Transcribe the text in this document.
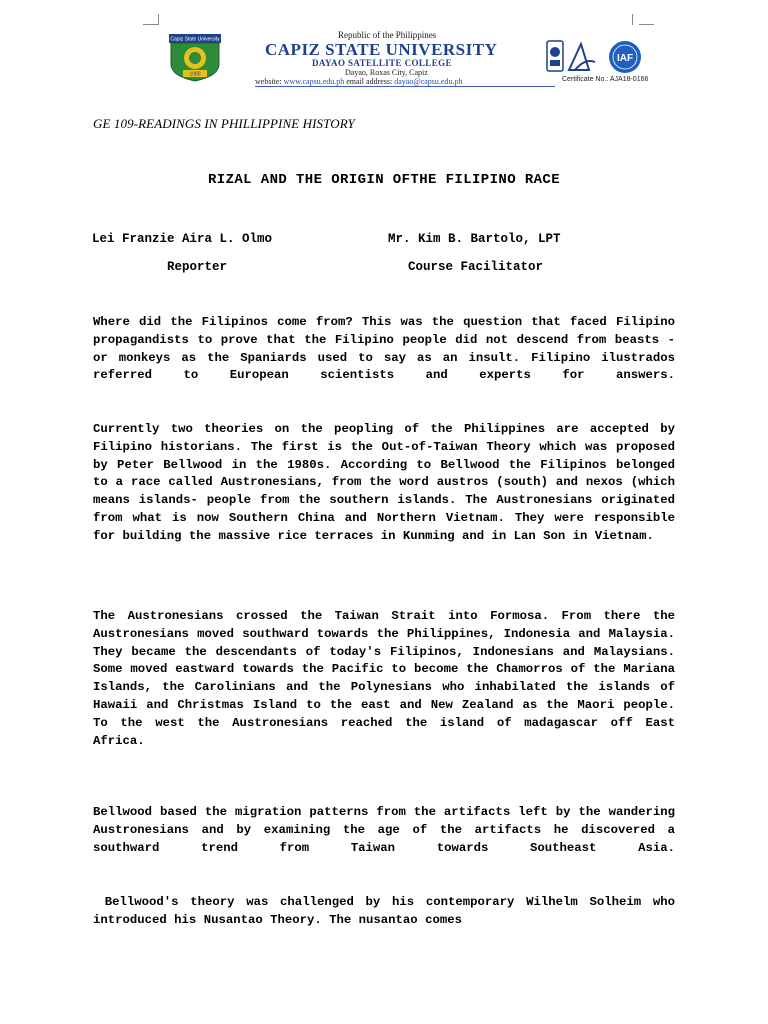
Capiz State University
1980
Republic of the Philippines
CAPIZ STATE UNIVERSITY
DAYAO SATELLITE COLLEGE
Dayao, Roxas City, Capiz
website: www.capsu.edu.ph email address: dayao@capsu.edu.ph
IAF
Certificate No.: AJA18-0166
GE 109-READINGS IN PHILLIPPINE HISTORY
RIZAL AND THE ORIGIN OFTHE FILIPINO RACE
Lei Franzie Aira L. Olmo	Mr. Kim B. Bartolo, LPT
Reporter	Course Facilitator

Where did the Filipinos come from? This was the question that faced Filipino propagandists to prove that the Filipino people did not descend from beasts - or monkeys as the Spaniards used to say as an insult. Filipino ilustrados referred to European scientists and experts for answers.

Currently two theories on the peopling of the Philippines are accepted by Filipino historians. The first is the Out-of-Taiwan Theory which was proposed by Peter Bellwood in the 1980s. According to Bellwood the Filipinos belonged to a race called Austronesians, from the word austros (south) and nexos (which means islands- people from the southern islands. The Austronesians originated from what is now Southern China and Northern Vietnam. They were responsible for building the massive rice terraces in Kunming and in Lan Son in Vietnam.

The Austronesians crossed the Taiwan Strait into Formosa. From there the Austronesians moved southward towards the Philippines, Indonesia and Malaysia. They became the descendants of today's Filipinos, Indonesians and Malaysians. Some moved eastward towards the Pacific to become the Chamorros of the Mariana Islands, the Carolinians and the Polynesians who inhabilated the islands of Hawaii and Christmas Island to the east and New Zealand as the Maori people. To the west the Austronesians reached the island of madagascar off East Africa.

Bellwood based the migration patterns from the artifacts left by the wandering Austronesians and by examining the age of the artifacts he discovered a southward trend from Taiwan towards Southeast Asia.

Bellwood's theory was challenged by his contemporary Wilhelm Solheim who introduced his Nusantao Theory. The nusantao comes
